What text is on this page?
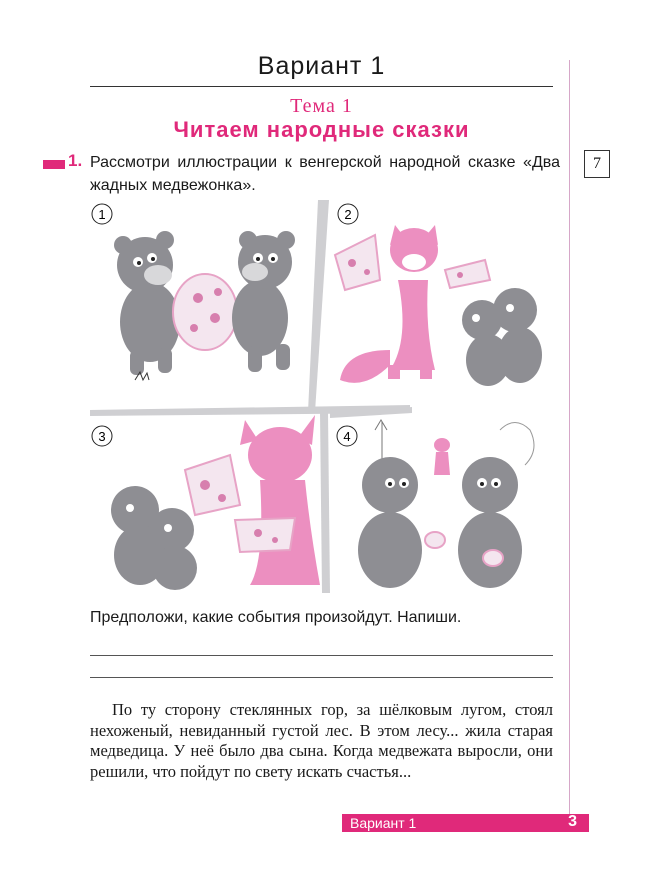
Вариант 1
Тема 1
Читаем народные сказки
1. Рассмотри иллюстрации к венгерской народной сказке «Два жадных медвежонка».
7
1	2
3	4
Предположи, какие события произойдут. Напиши.
По ту сторону стеклянных гор, за шёлковым лугом, стоял нехоженый, невиданный густой лес. В этом лесу... жила старая медведица. У неё было два сына. Когда медвежата выросли, они решили, что пойдут по свету искать счастья...
Вариант 1	3
